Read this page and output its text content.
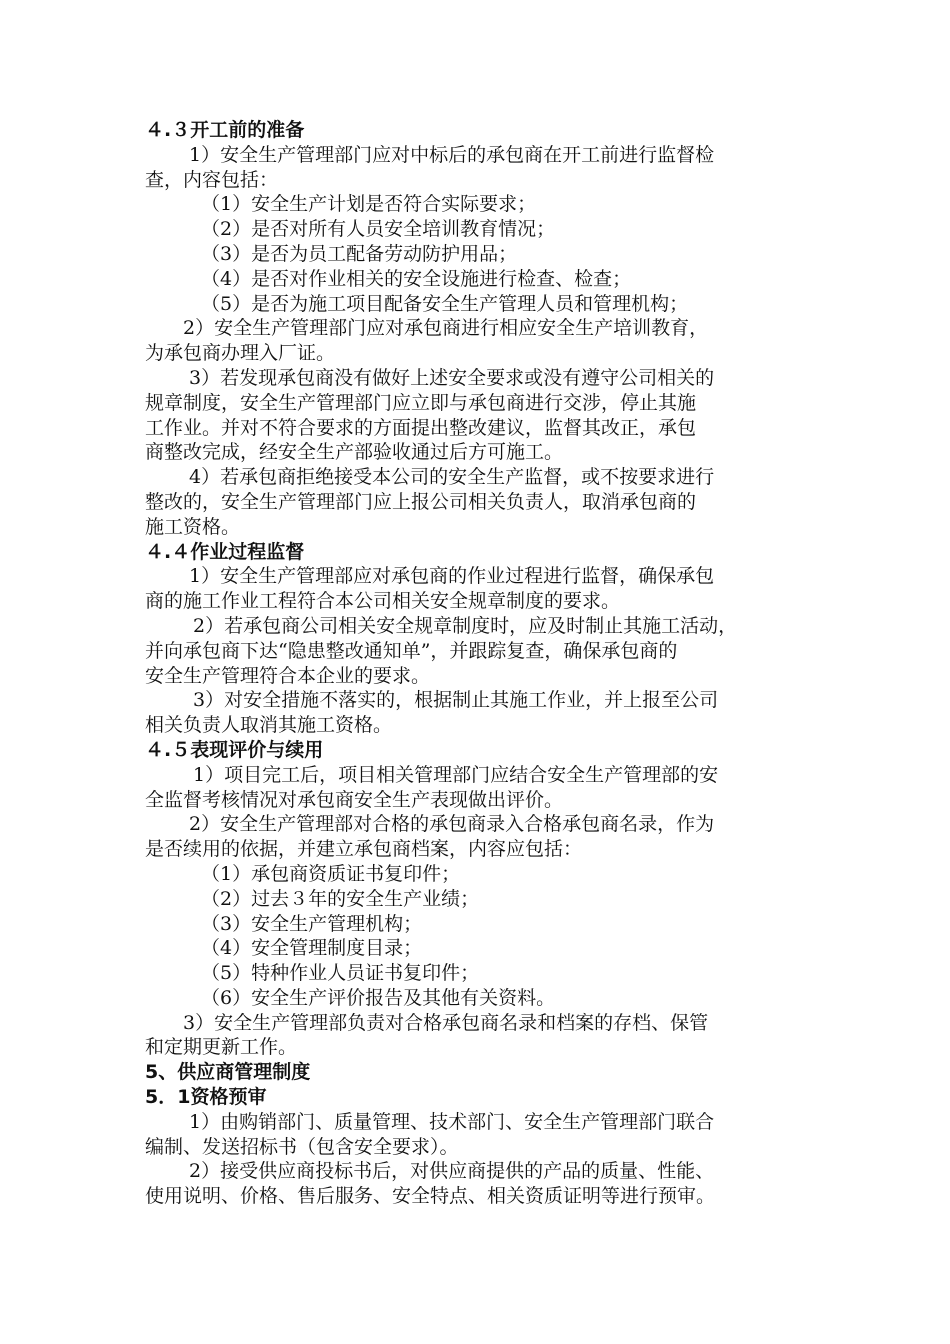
４.３开工前的准备
1）安全生产管理部门应对中标后的承包商在开工前进行监督检
查，内容包括：
（1）安全生产计划是否符合实际要求；
（2）是否对所有人员安全培训教育情况；
（3）是否为员工配备劳动防护用品；
（4）是否对作业相关的安全设施进行检查、检查；
（5）是否为施工项目配备安全生产管理人员和管理机构；
2）安全生产管理部门应对承包商进行相应安全生产培训教育，
为承包商办理入厂证。
3）若发现承包商没有做好上述安全要求或没有遵守公司相关的
规章制度，安全生产管理部门应立即与承包商进行交涉，停止其施
工作业。并对不符合要求的方面提出整改建议，监督其改正，承包
商整改完成，经安全生产部验收通过后方可施工。
4）若承包商拒绝接受本公司的安全生产监督，或不按要求进行
整改的，安全生产管理部门应上报公司相关负责人，取消承包商的
施工资格。
４.４作业过程监督
1）安全生产管理部应对承包商的作业过程进行监督，确保承包
商的施工作业工程符合本公司相关安全规章制度的要求。
2）若承包商公司相关安全规章制度时，应及时制止其施工活动，
并向承包商下达“隐患整改通知单”，并跟踪复查，确保承包商的
安全生产管理符合本企业的要求。
3）对安全措施不落实的，根据制止其施工作业，并上报至公司
相关负责人取消其施工资格。
４.５表现评价与续用
1）项目完工后，项目相关管理部门应结合安全生产管理部的安
全监督考核情况对承包商安全生产表现做出评价。
2）安全生产管理部对合格的承包商录入合格承包商名录，作为
是否续用的依据，并建立承包商档案，内容应包括：
（1）承包商资质证书复印件；
（2）过去３年的安全生产业绩；
（3）安全生产管理机构；
（4）安全管理制度目录；
（5）特种作业人员证书复印件；
（6）安全生产评价报告及其他有关资料。
3）安全生产管理部负责对合格承包商名录和档案的存档、保管
和定期更新工作。
5、供应商管理制度
5．1资格预审
1）由购销部门、质量管理、技术部门、安全生产管理部门联合
编制、发送招标书（包含安全要求）。
2）接受供应商投标书后，对供应商提供的产品的质量、性能、
使用说明、价格、售后服务、安全特点、相关资质证明等进行预审。
